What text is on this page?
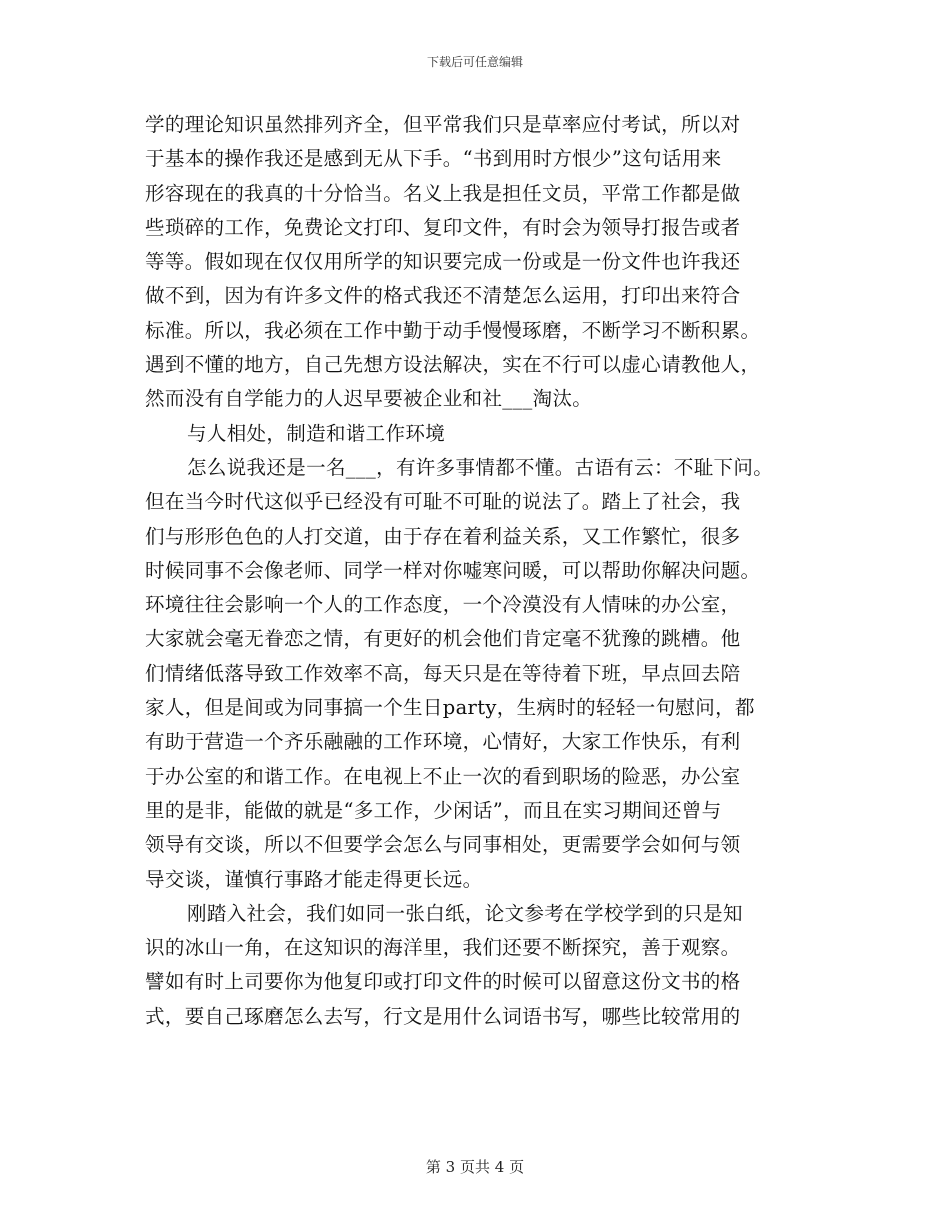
下载后可任意编辑
学的理论知识虽然排列齐全，但平常我们只是草率应付考试，所以对
于基本的操作我还是感到无从下手。“书到用时方恨少”这句话用来
形容现在的我真的十分恰当。名义上我是担任文员，平常工作都是做
些琐碎的工作，免费论文打印、复印文件，有时会为领导打报告或者
等等。假如现在仅仅用所学的知识要完成一份或是一份文件也许我还
做不到，因为有许多文件的格式我还不清楚怎么运用，打印出来符合
标准。所以，我必须在工作中勤于动手慢慢琢磨，不断学习不断积累。
遇到不懂的地方，自己先想方设法解决，实在不行可以虚心请教他人，
然而没有自学能力的人迟早要被企业和社___淘汰。
与人相处，制造和谐工作环境
怎么说我还是一名___，有许多事情都不懂。古语有云：不耻下问。
但在当今时代这似乎已经没有可耻不可耻的说法了。踏上了社会，我
们与形形色色的人打交道，由于存在着利益关系，又工作繁忙，很多
时候同事不会像老师、同学一样对你嘘寒问暖，可以帮助你解决问题。
环境往往会影响一个人的工作态度，一个冷漠没有人情味的办公室，
大家就会毫无眷恋之情，有更好的机会他们肯定毫不犹豫的跳槽。他
们情绪低落导致工作效率不高，每天只是在等待着下班，早点回去陪
家人，但是间或为同事搞一个生日party，生病时的轻轻一句慰问，都
有助于营造一个齐乐融融的工作环境，心情好，大家工作快乐，有利
于办公室的和谐工作。在电视上不止一次的看到职场的险恶，办公室
里的是非，能做的就是“多工作，少闲话”，而且在实习期间还曾与
领导有交谈，所以不但要学会怎么与同事相处，更需要学会如何与领
导交谈，谨慎行事路才能走得更长远。
刚踏入社会，我们如同一张白纸，论文参考在学校学到的只是知
识的冰山一角，在这知识的海洋里，我们还要不断探究，善于观察。
譬如有时上司要你为他复印或打印文件的时候可以留意这份文书的格
式，要自己琢磨怎么去写，行文是用什么词语书写，哪些比较常用的
第 3 页共 4 页
